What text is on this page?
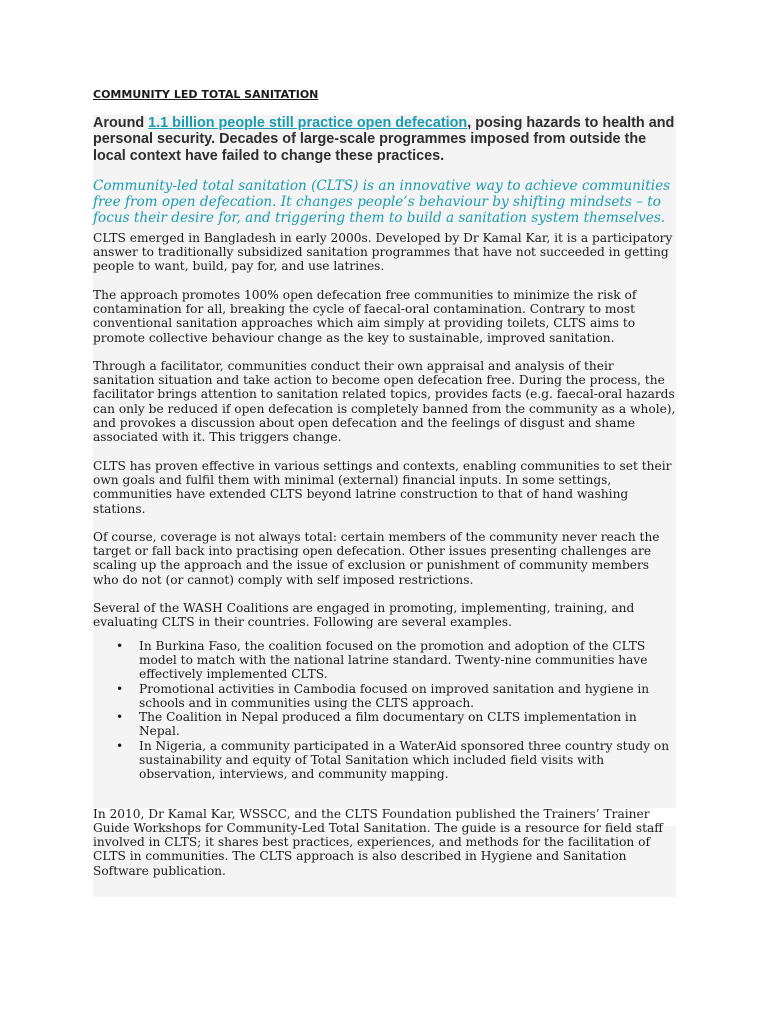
COMMUNITY LED TOTAL SANITATION

Around 1.1 billion people still practice open defecation, posing hazards to health and personal security. Decades of large-scale programmes imposed from outside the local context have failed to change these practices.

Community-led total sanitation (CLTS) is an innovative way to achieve communities free from open defecation. It changes people’s behaviour by shifting mindsets – to focus their desire for, and triggering them to build a sanitation system themselves.

CLTS emerged in Bangladesh in early 2000s. Developed by Dr Kamal Kar, it is a participatory answer to traditionally subsidized sanitation programmes that have not succeeded in getting people to want, build, pay for, and use latrines.

The approach promotes 100% open defecation free communities to minimize the risk of contamination for all, breaking the cycle of faecal-oral contamination. Contrary to most conventional sanitation approaches which aim simply at providing toilets, CLTS aims to promote collective behaviour change as the key to sustainable, improved sanitation.

Through a facilitator, communities conduct their own appraisal and analysis of their sanitation situation and take action to become open defecation free. During the process, the facilitator brings attention to sanitation related topics, provides facts (e.g. faecal-oral hazards can only be reduced if open defecation is completely banned from the community as a whole), and provokes a discussion about open defecation and the feelings of disgust and shame associated with it. This triggers change.

CLTS has proven effective in various settings and contexts, enabling communities to set their own goals and fulfil them with minimal (external) financial inputs. In some settings, communities have extended CLTS beyond latrine construction to that of hand washing stations.

Of course, coverage is not always total: certain members of the community never reach the target or fall back into practising open defecation. Other issues presenting challenges are scaling up the approach and the issue of exclusion or punishment of community members who do not (or cannot) comply with self imposed restrictions.

Several of the WASH Coalitions are engaged in promoting, implementing, training, and evaluating CLTS in their countries. Following are several examples.

• In Burkina Faso, the coalition focused on the promotion and adoption of the CLTS model to match with the national latrine standard. Twenty-nine communities have effectively implemented CLTS.
• Promotional activities in Cambodia focused on improved sanitation and hygiene in schools and in communities using the CLTS approach.
• The Coalition in Nepal produced a film documentary on CLTS implementation in Nepal.
• In Nigeria, a community participated in a WaterAid sponsored three country study on sustainability and equity of Total Sanitation which included field visits with observation, interviews, and community mapping.

In 2010, Dr Kamal Kar, WSSCC, and the CLTS Foundation published the Trainers’ Trainer Guide Workshops for Community-Led Total Sanitation. The guide is a resource for field staff involved in CLTS; it shares best practices, experiences, and methods for the facilitation of CLTS in communities. The CLTS approach is also described in Hygiene and Sanitation Software publication.
